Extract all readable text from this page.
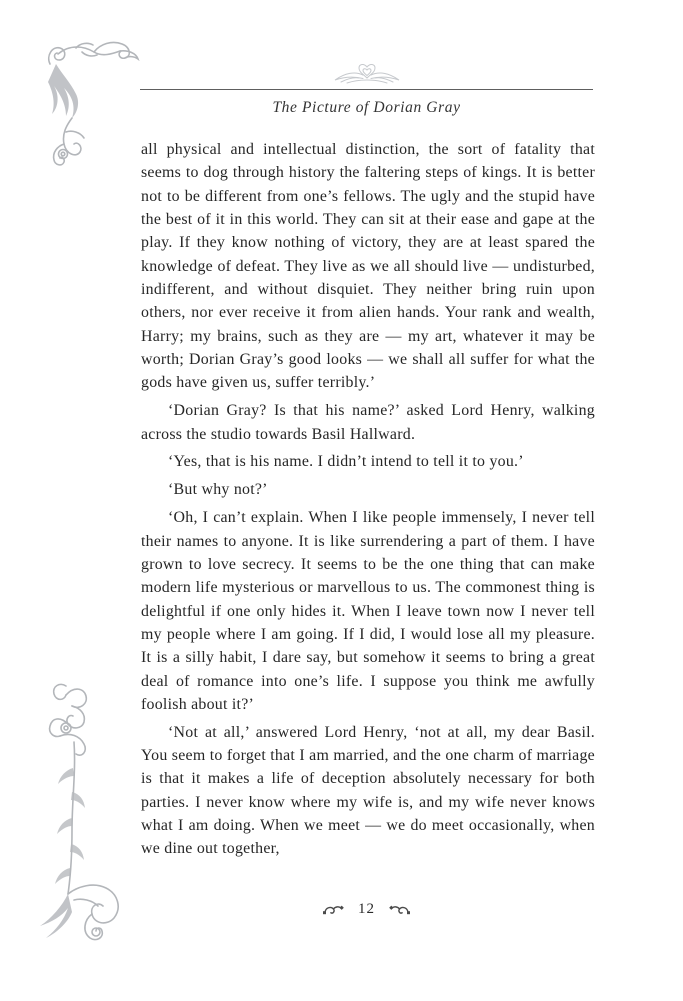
The Picture of Dorian Gray

all physical and intellectual distinction, the sort of fatality that seems to dog through history the faltering steps of kings. It is better not to be different from one’s fellows. The ugly and the stupid have the best of it in this world. They can sit at their ease and gape at the play. If they know nothing of victory, they are at least spared the knowledge of defeat. They live as we all should live — undisturbed, indifferent, and without disquiet. They neither bring ruin upon others, nor ever receive it from alien hands. Your rank and wealth, Harry; my brains, such as they are — my art, whatever it may be worth; Dorian Gray’s good looks — we shall all suffer for what the gods have given us, suffer terribly.’

‘Dorian Gray? Is that his name?’ asked Lord Henry, walking across the studio towards Basil Hallward.

‘Yes, that is his name. I didn’t intend to tell it to you.’

‘But why not?’

‘Oh, I can’t explain. When I like people immensely, I never tell their names to anyone. It is like surrendering a part of them. I have grown to love secrecy. It seems to be the one thing that can make modern life mysterious or marvellous to us. The commonest thing is delightful if one only hides it. When I leave town now I never tell my people where I am going. If I did, I would lose all my pleasure. It is a silly habit, I dare say, but somehow it seems to bring a great deal of romance into one’s life. I suppose you think me awfully foolish about it?’

‘Not at all,’ answered Lord Henry, ‘not at all, my dear Basil. You seem to forget that I am married, and the one charm of marriage is that it makes a life of deception absolutely necessary for both parties. I never know where my wife is, and my wife never knows what I am doing. When we meet — we do meet occasionally, when we dine out together,

12
